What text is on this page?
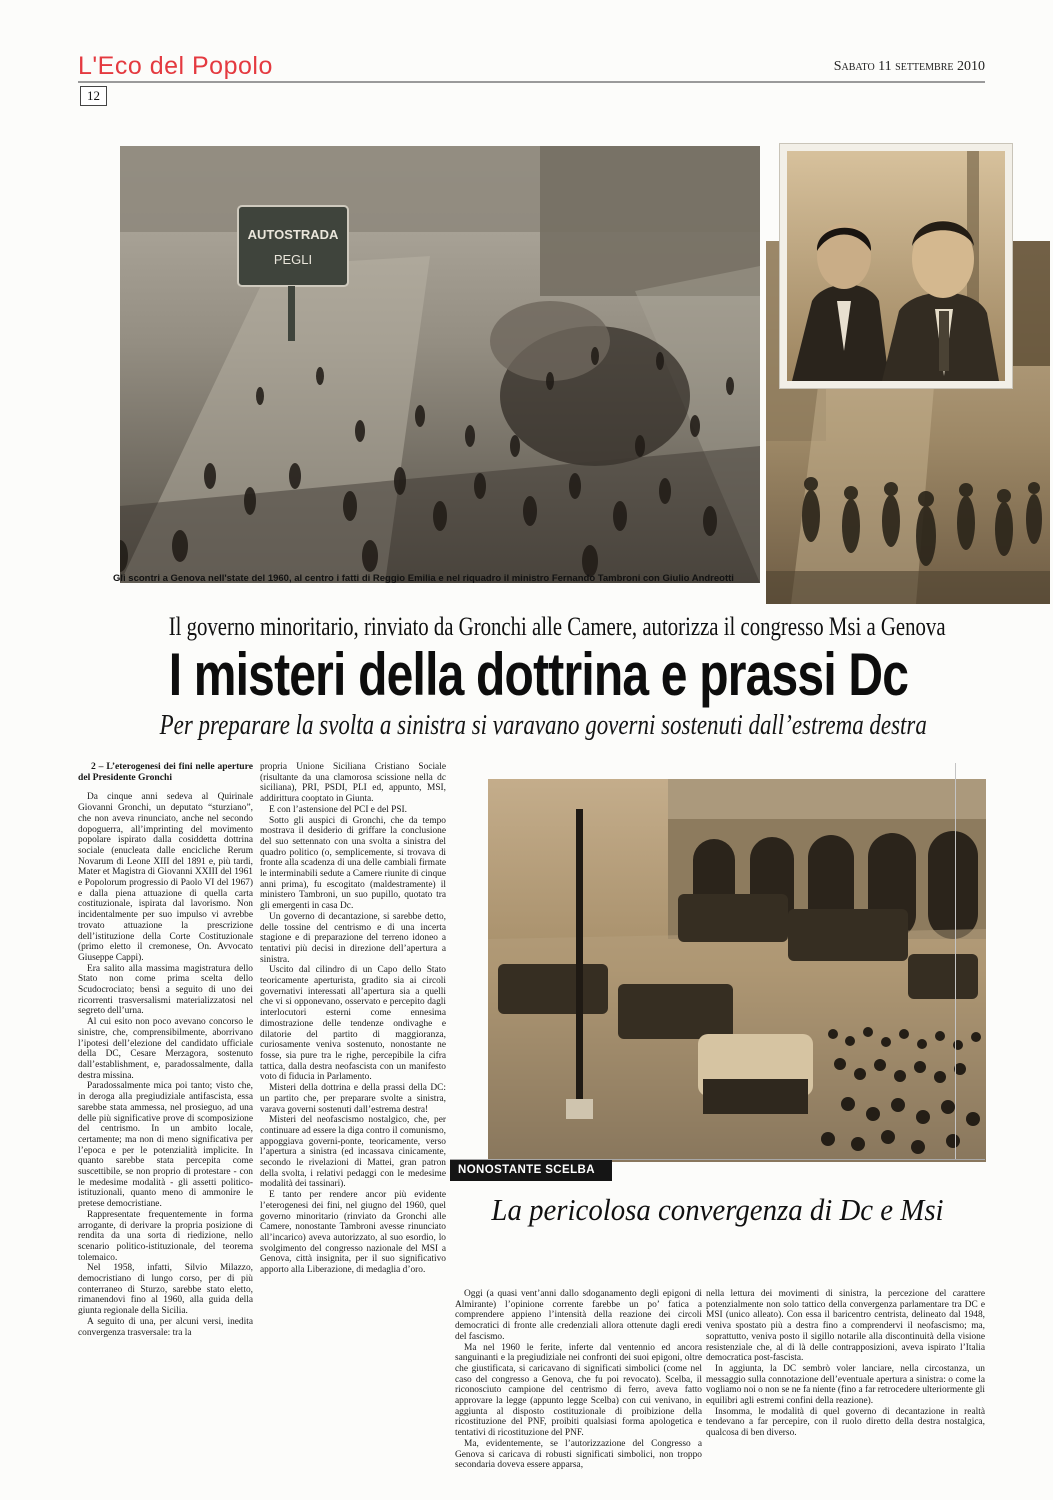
L'Eco del Popolo	Sabato 11 settembre 2010
12
AUTOSTRADA
PEGLI
Gli scontri a Genova nell'state del 1960, al centro i fatti di Reggio Emilia e nel riquadro il ministro Fernando Tambroni con Giulio Andreotti
Il governo minoritario, rinviato da Gronchi alle Camere, autorizza il congresso Msi a Genova
I misteri della dottrina e prassi Dc
Per preparare la svolta a sinistra si varavano governi sostenuti dall’estrema destra
2 – L’eterogenesi dei fini nelle aperture del Presidente Gronchi

Da cinque anni sedeva al Quirinale Giovanni Gronchi, un deputato “sturziano”, che non aveva rinunciato, anche nel secondo dopoguerra, all’imprinting del movimento popolare ispirato dalla cosiddetta dottrina sociale (enucleata dalle encicliche Rerum Novarum di Leone XIII del 1891 e, più tardi, Mater et Magistra di Giovanni XXIII del 1961 e Popolorum progressio di Paolo VI del 1967) e dalla piena attuazione di quella carta costituzionale, ispirata dal lavorismo. Non incidentalmente per suo impulso vi avrebbe trovato attuazione la prescrizione dell’istituzione della Corte Costituzionale (primo eletto il cremonese, On. Avvocato Giuseppe Cappi).

Era salito alla massima magistratura dello Stato non come prima scelta dello Scudocrociato; bensì a seguito di uno dei ricorrenti trasversalismi materializzatosi nel segreto dell’urna.

Al cui esito non poco avevano concorso le sinistre, che, comprensibilmente, aborrivano l’ipotesi dell’elezione del candidato ufficiale della DC, Cesare Merzagora, sostenuto dall’establishment, e, paradossalmente, dalla destra missina.

Paradossalmente mica poi tanto; visto che, in deroga alla pregiudiziale antifascista, essa sarebbe stata ammessa, nel prosieguo, ad una delle più significative prove di scomposizione del centrismo. In un ambito locale, certamente; ma non di meno significativa per l’epoca e per le potenzialità implicite. In quanto sarebbe stata percepita come suscettibile, se non proprio di protestare - con le medesime modalità - gli assetti politico-istituzionali, quanto meno di ammonire le pretese democristiane.

Rappresentate frequentemente in forma arrogante, di derivare la propria posizione di rendita da una sorta di riedizione, nello scenario politico-istituzionale, del teorema tolemaico.

Nel 1958, infatti, Silvio Milazzo, democristiano di lungo corso, per di più conterraneo di Sturzo, sarebbe stato eletto, rimanendovi fino al 1960, alla guida della giunta regionale della Sicilia.

A seguito di una, per alcuni versi, inedita convergenza trasversale: tra la

propria Unione Siciliana Cristiano Sociale (risultante da una clamorosa scissione nella dc siciliana), PRI, PSDI, PLI ed, appunto, MSI, addirittura cooptato in Giunta.

E con l’astensione del PCI e del PSI.

Sotto gli auspici di Gronchi, che da tempo mostrava il desiderio di griffare la conclusione del suo settennato con una svolta a sinistra del quadro politico (o, semplicemente, si trovava di fronte alla scadenza di una delle cambiali firmate le interminabili sedute a Camere riunite di cinque anni prima), fu escogitato (maldestramente) il ministero Tambroni, un suo pupillo, quotato tra gli emergenti in casa Dc.

Un governo di decantazione, si sarebbe detto, delle tossine del centrismo e di una incerta stagione e di preparazione del terreno idoneo a tentativi più decisi in direzione dell’apertura a sinistra.

Uscito dal cilindro di un Capo dello Stato teoricamente aperturista, gradito sia ai circoli governativi interessati all’apertura sia a quelli che vi si opponevano, osservato e percepito dagli interlocutori esterni come ennesima dimostrazione delle tendenze ondivaghe e dilatorie del partito di maggioranza, curiosamente veniva sostenuto, nonostante ne fosse, sia pure tra le righe, percepibile la cifra tattica, dalla destra neofascista con un manifesto voto di fiducia in Parlamento.

Misteri della dottrina e della prassi della DC: un partito che, per preparare svolte a sinistra, varava governi sostenuti dall’estrema destra!

Misteri del neofascismo nostalgico, che, per continuare ad essere la diga contro il comunismo, appoggiava governi-ponte, teoricamente, verso l’apertura a sinistra (ed incassava cinicamente, secondo le rivelazioni di Mattei, gran patron della svolta, i relativi pedaggi con le medesime modalità dei tassinari).

E tanto per rendere ancor più evidente l’eterogenesi dei fini, nel giugno del 1960, quel governo minoritario (rinviato da Gronchi alle Camere, nonostante Tambroni avesse rinunciato all’incarico) aveva autorizzato, al suo esordio, lo svolgimento del congresso nazionale del MSI a Genova, città insignita, per il suo significativo apporto alla Liberazione, di medaglia d’oro.

NONOSTANTE SCELBA
La pericolosa convergenza di Dc e Msi

Oggi (a quasi vent’anni dallo sdoganamento degli epigoni di Almirante) l’opinione corrente farebbe un po’ fatica a comprendere appieno l’intensità della reazione dei circoli democratici di fronte alle credenziali allora ottenute dagli eredi del fascismo.

Ma nel 1960 le ferite, inferte dal ventennio ed ancora sanguinanti e la pregiudiziale nei confronti dei suoi epigoni, oltre che giustificata, si caricavano di significati simbolici (come nel caso del congresso a Genova, che fu poi revocato). Scelba, il riconosciuto campione del centrismo di ferro, aveva fatto approvare la legge (appunto legge Scelba) con cui venivano, in aggiunta al disposto costituzionale di proibizione della ricostituzione del PNF, proibiti qualsiasi forma apologetica e tentativi di ricostituzione del PNF.

Ma, evidentemente, se l’autorizzazione del Congresso a Genova si caricava di robusti significati simbolici, non troppo secondaria doveva essere apparsa,

nella lettura dei movimenti di sinistra, la percezione del carattere potenzialmente non solo tattico della convergenza parlamentare tra DC e MSI (unico alleato). Con essa il baricentro centrista, delineato dal 1948, veniva spostato più a destra fino a comprendervi il neofascismo; ma, soprattutto, veniva posto il sigillo notarile alla discontinuità della visione resistenziale che, al di là delle contrapposizioni, aveva ispirato l’Italia democratica post-fascista.

In aggiunta, la DC sembrò voler lanciare, nella circostanza, un messaggio sulla connotazione dell’eventuale apertura a sinistra: o come la vogliamo noi o non se ne fa niente (fino a far retrocedere ulteriormente gli equilibri agli estremi confini della reazione).

Insomma, le modalità di quel governo di decantazione in realtà tendevano a far percepire, con il ruolo diretto della destra nostalgica, qualcosa di ben diverso.
